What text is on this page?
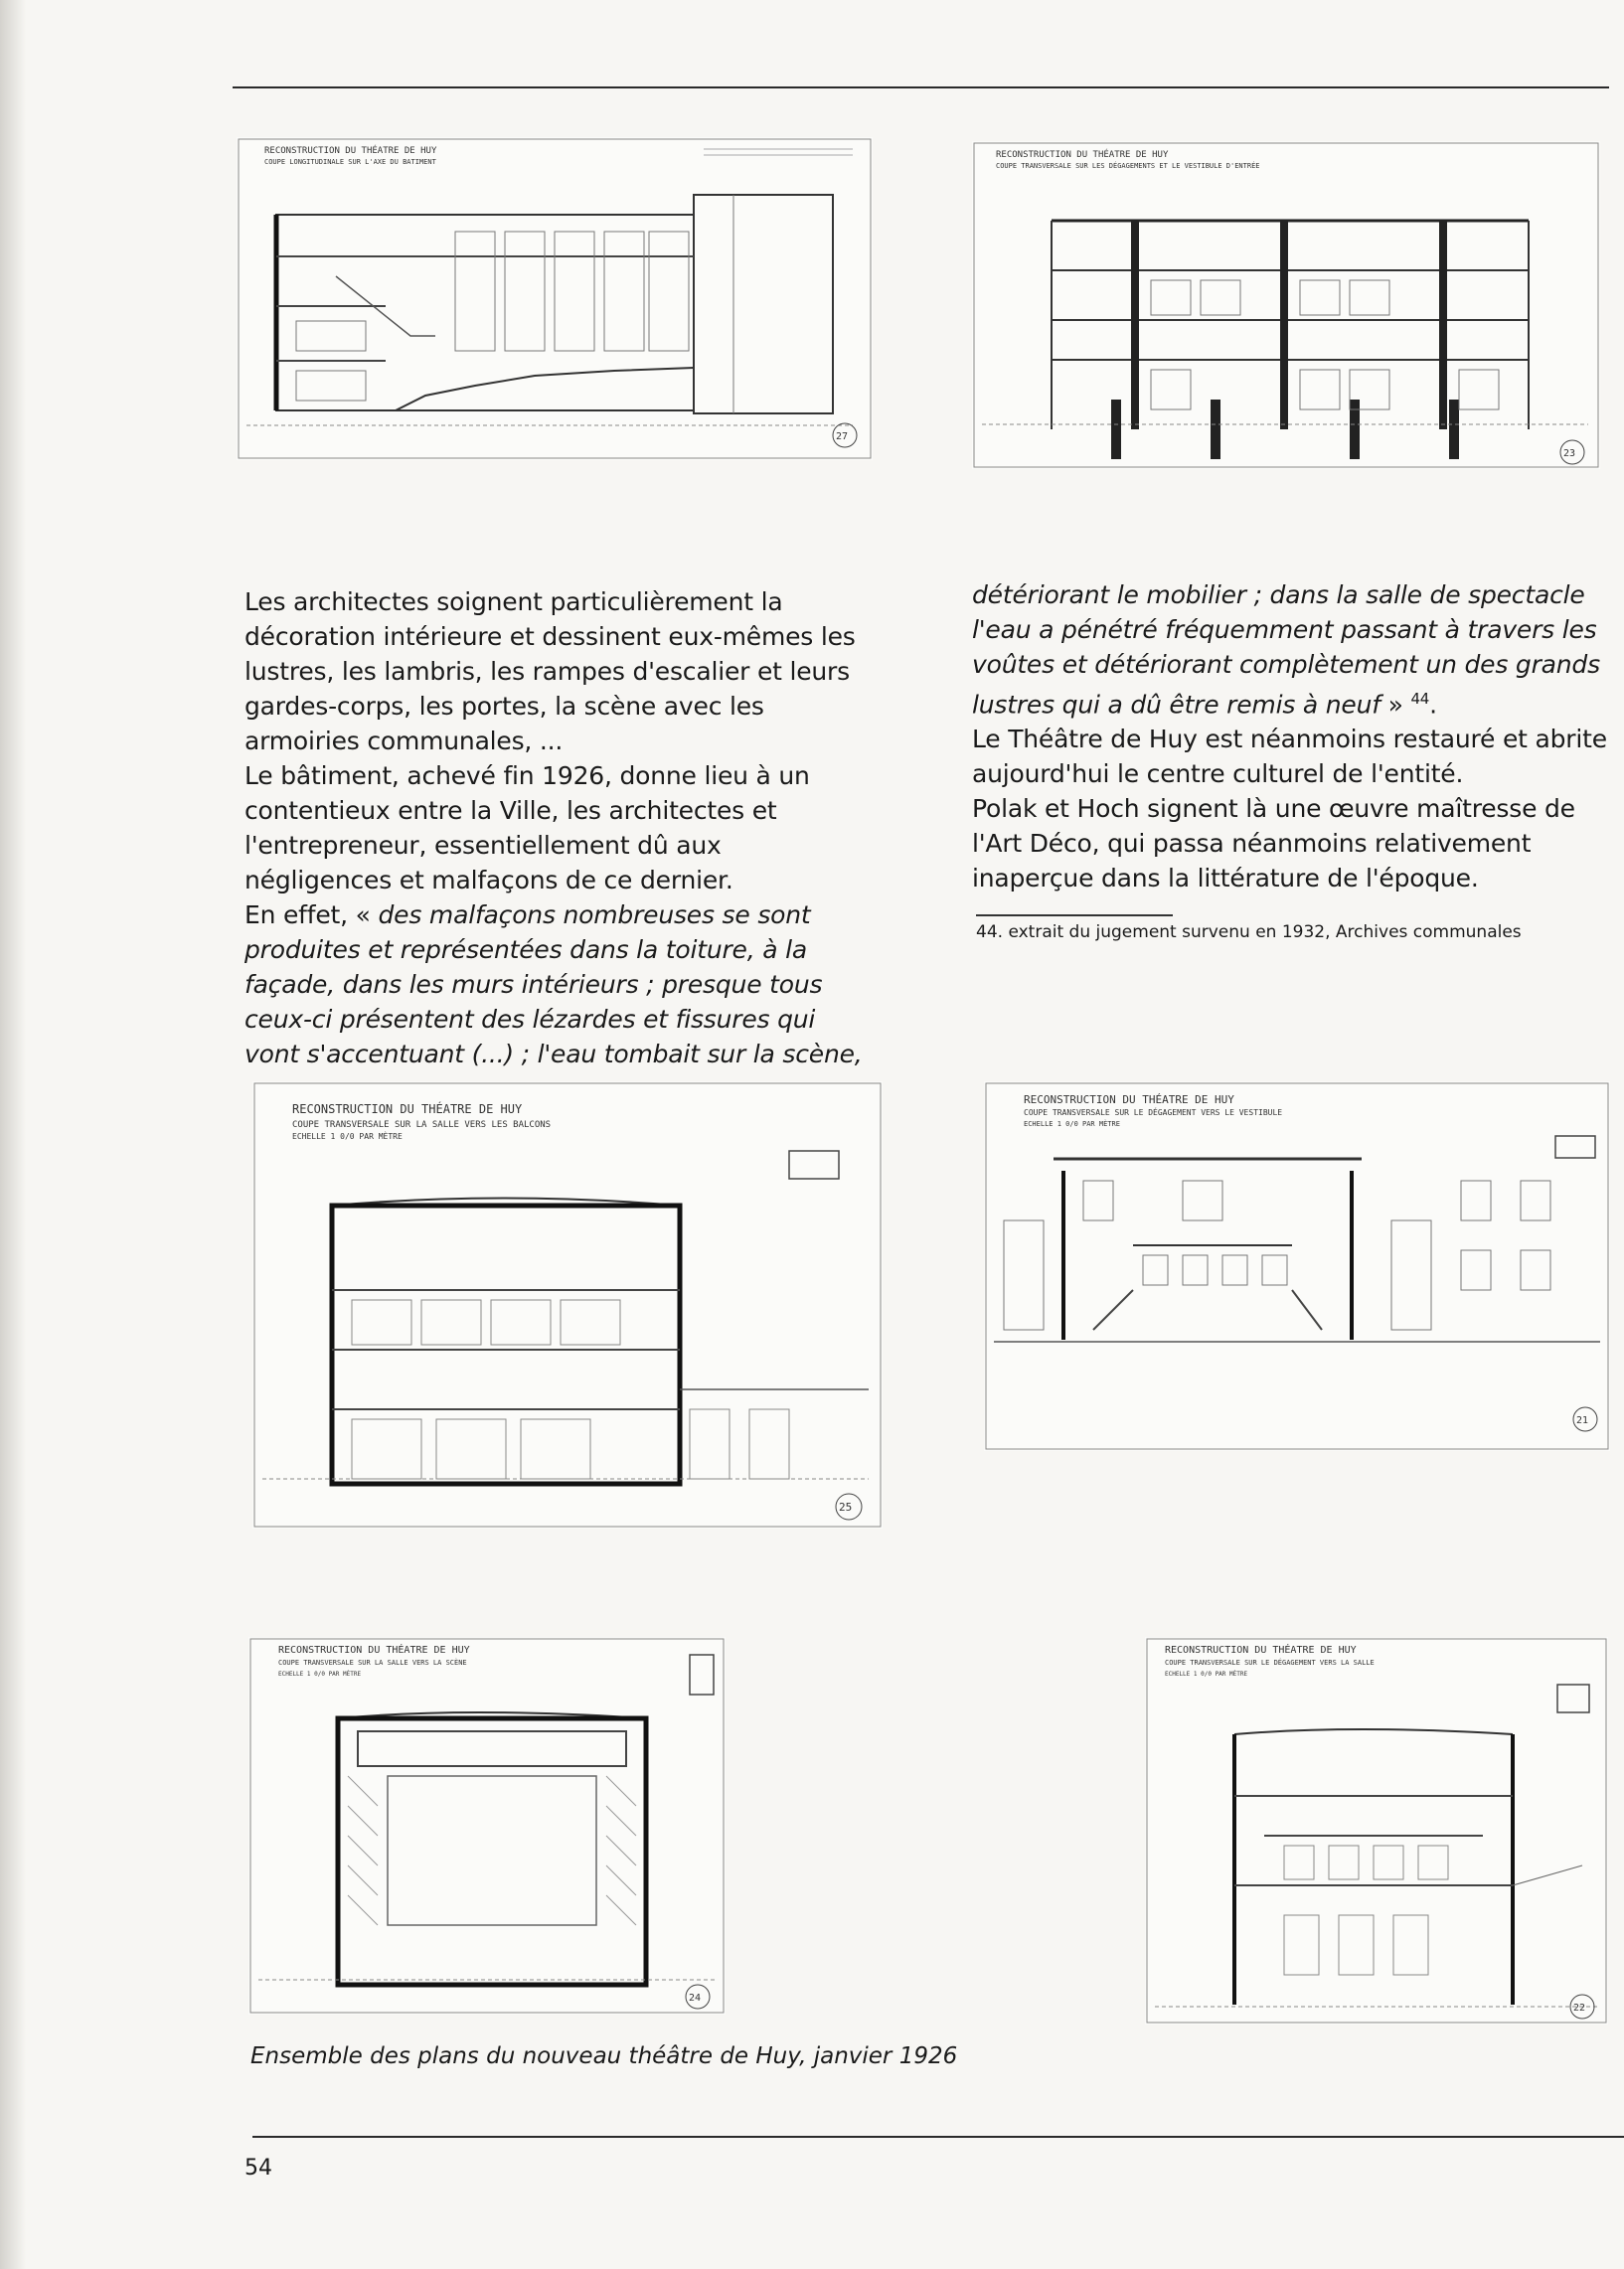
RECONSTRUCTION DU THÉATRE DE HUY
COUPE LONGITUDINALE SUR L'AXE DU BATIMENT
27
RECONSTRUCTION DU THÉATRE DE HUY
COUPE TRANSVERSALE SUR LES DÉGAGEMENTS ET LE VESTIBULE D'ENTRÉE
23

Les architectes soignent particulièrement la décoration intérieure et dessinent eux-mêmes les lustres, les lambris, les rampes d'escalier et leurs gardes-corps, les portes, la scène avec les armoiries communales, ...

Le bâtiment, achevé fin 1926, donne lieu à un contentieux entre la Ville, les architectes et l'entrepreneur, essentiellement dû aux négligences et malfaçons de ce dernier.

En effet, « des malfaçons nombreuses se sont produites et représentées dans la toiture, à la façade, dans les murs intérieurs ; presque tous ceux-ci présentent des lézardes et fissures qui vont s'accentuant (...) ; l'eau tombait sur la scène,

détériorant le mobilier ; dans la salle de spectacle l'eau a pénétré fréquemment passant à travers les voûtes et détériorant complètement un des grands lustres qui a dû être remis à neuf » $^{44}$.

Le Théâtre de Huy est néanmoins restauré et abrite aujourd'hui le centre culturel de l'entité.

Polak et Hoch signent là une œuvre maîtresse de l'Art Déco, qui passa néanmoins relativement inaperçue dans la littérature de l'époque.

44. extrait du jugement survenu en 1932, Archives communales
RECONSTRUCTION DU THÉATRE DE HUY
COUPE TRANSVERSALE SUR LA SALLE VERS LES BALCONS
ECHELLE 1 0/0 PAR MÈTRE
25
RECONSTRUCTION DU THÉATRE DE HUY
COUPE TRANSVERSALE SUR LE DÉGAGEMENT VERS LE VESTIBULE
ECHELLE 1 0/0 PAR MÈTRE
21
RECONSTRUCTION DU THÉATRE DE HUY
COUPE TRANSVERSALE SUR LA SALLE VERS LA SCÈNE
ECHELLE 1 0/0 PAR MÈTRE
24
RECONSTRUCTION DU THÉATRE DE HUY
COUPE TRANSVERSALE SUR LE DÉGAGEMENT VERS LA SALLE
ECHELLE 1 0/0 PAR MÈTRE
22
Ensemble des plans du nouveau théâtre de Huy, janvier 1926
54
